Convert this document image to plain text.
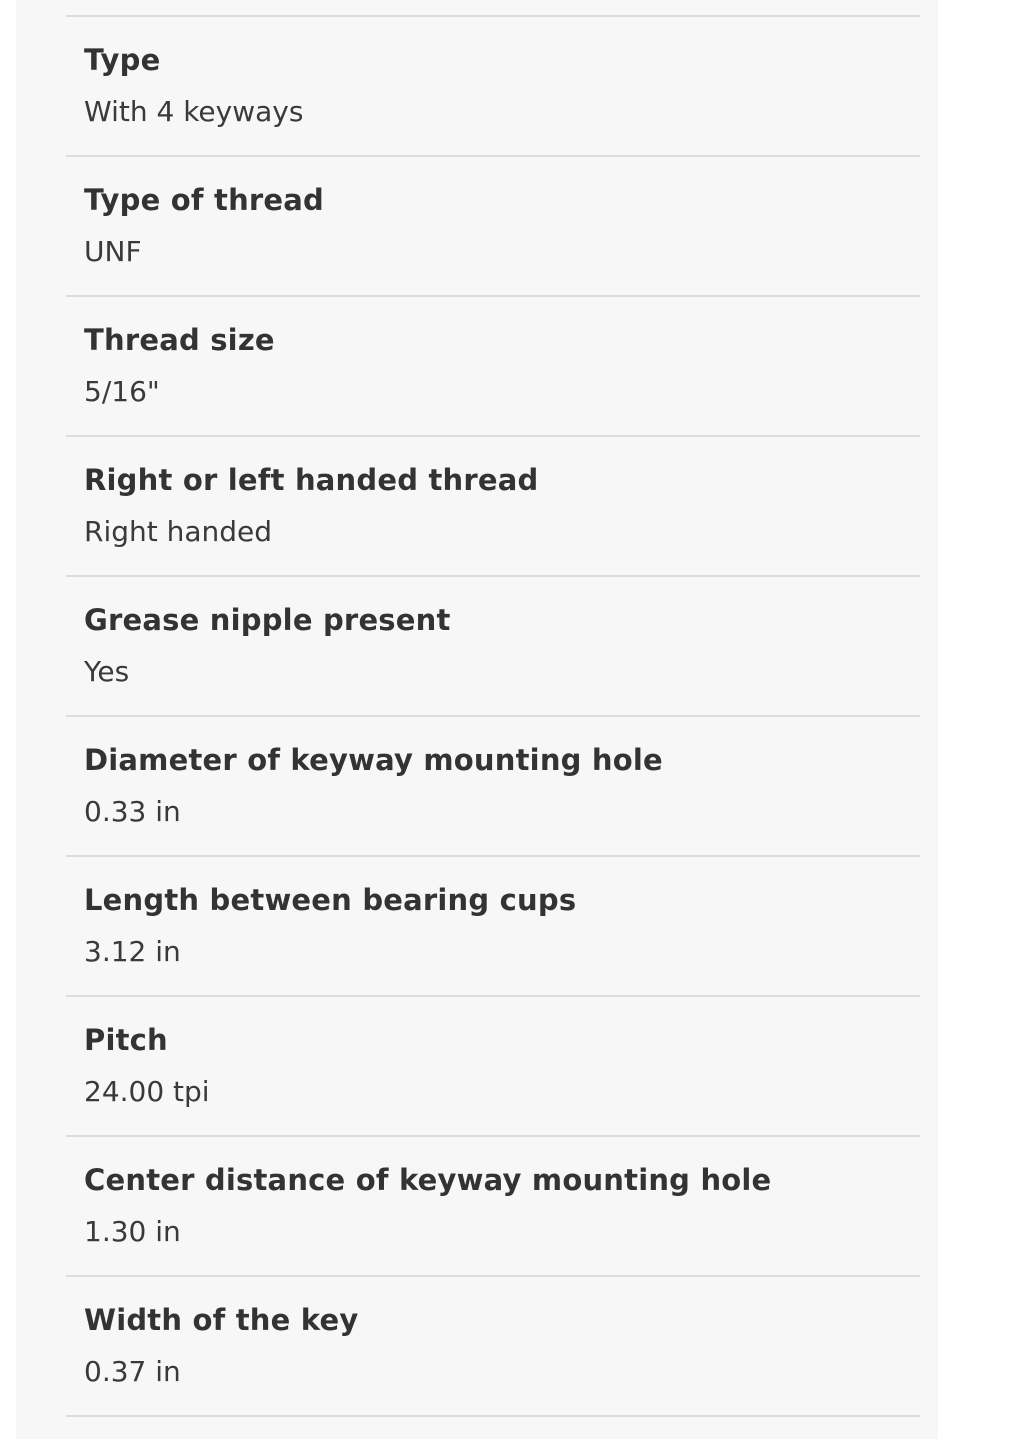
Type
With 4 keyways
Type of thread
UNF
Thread size
5/16"
Right or left handed thread
Right handed
Grease nipple present
Yes
Diameter of keyway mounting hole
0.33 in
Length between bearing cups
3.12 in
Pitch
24.00 tpi
Center distance of keyway mounting hole
1.30 in
Width of the key
0.37 in
